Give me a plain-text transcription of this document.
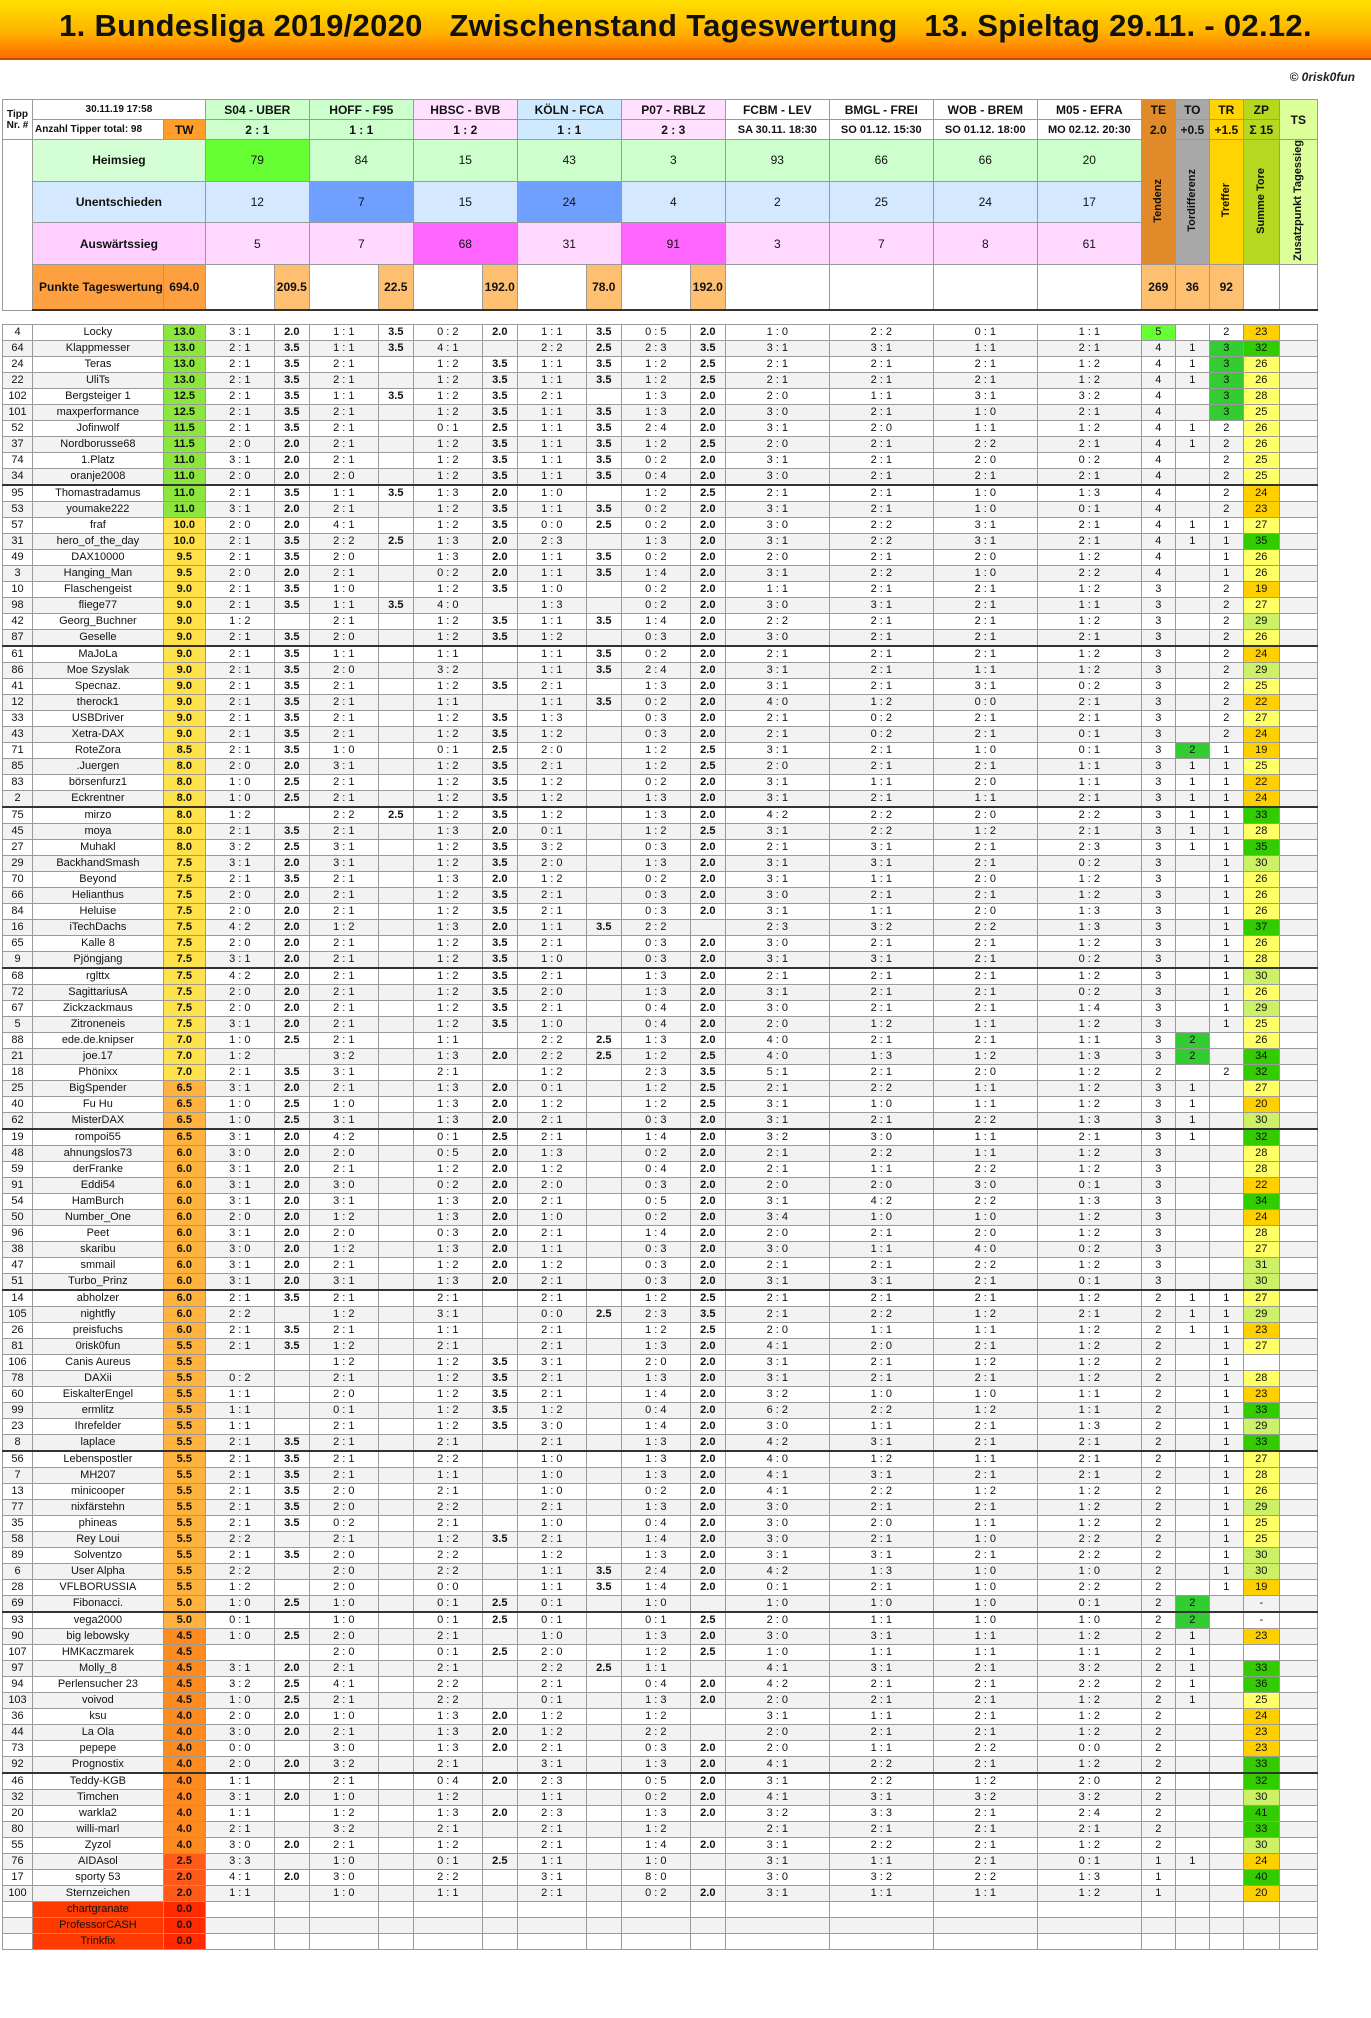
1. Bundesliga 2019/2020   Zwischenstand Tageswertung   13. Spieltag 29.11. - 02.12.
© 0risk0fun
Tipp
Nr. #	30.11.19 17:58		S04 - UBER		HOFF - F95		HBSC - BVB		KÖLN - FCA		P07 - RBLZ		FCBM - LEV	BMGL - FREI	WOB - BREM	M05 - EFRA	TE	TO	TR	ZP	TS
	Anzahl Tipper total: 98	TW	2 : 1		1 : 1		1 : 2		1 : 1		2 : 3		SA 30.11. 18:30	SO 01.12. 15:30	SO 01.12. 18:00	MO 02.12. 20:30	2.0	+0.5	+1.5	Σ 15	
	Heimsieg		79		84		15		43		3		93	66	66	20	Tendenz	Tordifferenz	Treffer	Summe Tore	Zusatzpunkt Tagessieg
	Unentschieden		12		7		15		24		4		2	25	24	17					
	Auswärtssieg		5		7		68		31		91		3	7	8	61					
	Punkte Tageswertung	694.0		209.5		22.5		192.0		78.0		192.0					269	36	92		

4	Locky	13.0	3 : 1	2.0	1 : 1	3.5	0 : 2	2.0	1 : 1	3.5	0 : 5	2.0	1 : 0	2 : 2	0 : 1	1 : 1	5		2	23	
64	Klappmesser	13.0	2 : 1	3.5	1 : 1	3.5	4 : 1		2 : 2	2.5	2 : 3	3.5	3 : 1	3 : 1	1 : 1	2 : 1	4	1	3	32	
24	Teras	13.0	2 : 1	3.5	2 : 1		1 : 2	3.5	1 : 1	3.5	1 : 2	2.5	2 : 1	2 : 1	2 : 1	1 : 2	4	1	3	26	
22	UliTs	13.0	2 : 1	3.5	2 : 1		1 : 2	3.5	1 : 1	3.5	1 : 2	2.5	2 : 1	2 : 1	2 : 1	1 : 2	4	1	3	26	
102	Bergsteiger 1	12.5	2 : 1	3.5	1 : 1	3.5	1 : 2	3.5	2 : 1		1 : 3	2.0	2 : 0	1 : 1	3 : 1	3 : 2	4		3	28	
101	maxperformance	12.5	2 : 1	3.5	2 : 1		1 : 2	3.5	1 : 1	3.5	1 : 3	2.0	3 : 0	2 : 1	1 : 0	2 : 1	4		3	25	
52	Jofinwolf	11.5	2 : 1	3.5	2 : 1		0 : 1	2.5	1 : 1	3.5	2 : 4	2.0	3 : 1	2 : 0	1 : 1	1 : 2	4	1	2	26	
37	Nordborusse68	11.5	2 : 0	2.0	2 : 1		1 : 2	3.5	1 : 1	3.5	1 : 2	2.5	2 : 0	2 : 1	2 : 2	2 : 1	4	1	2	26	
74	1.Platz	11.0	3 : 1	2.0	2 : 1		1 : 2	3.5	1 : 1	3.5	0 : 2	2.0	3 : 1	2 : 1	2 : 0	0 : 2	4		2	25	
34	oranje2008	11.0	2 : 0	2.0	2 : 0		1 : 2	3.5	1 : 1	3.5	0 : 4	2.0	3 : 0	2 : 1	2 : 1	2 : 1	4		2	25	
95	Thomastradamus	11.0	2 : 1	3.5	1 : 1	3.5	1 : 3	2.0	1 : 0		1 : 2	2.5	2 : 1	2 : 1	1 : 0	1 : 3	4		2	24	
53	youmake222	11.0	3 : 1	2.0	2 : 1		1 : 2	3.5	1 : 1	3.5	0 : 2	2.0	3 : 1	2 : 1	1 : 0	0 : 1	4		2	23	
57	fraf	10.0	2 : 0	2.0	4 : 1		1 : 2	3.5	0 : 0	2.5	0 : 2	2.0	3 : 0	2 : 2	3 : 1	2 : 1	4	1	1	27	
31	hero_of_the_day	10.0	2 : 1	3.5	2 : 2	2.5	1 : 3	2.0	2 : 3		1 : 3	2.0	3 : 1	2 : 2	3 : 1	2 : 1	4	1	1	35	
49	DAX10000	9.5	2 : 1	3.5	2 : 0		1 : 3	2.0	1 : 1	3.5	0 : 2	2.0	2 : 0	2 : 1	2 : 0	1 : 2	4		1	26	
3	Hanging_Man	9.5	2 : 0	2.0	2 : 1		0 : 2	2.0	1 : 1	3.5	1 : 4	2.0	3 : 1	2 : 2	1 : 0	2 : 2	4		1	26	
10	Flaschengeist	9.0	2 : 1	3.5	1 : 0		1 : 2	3.5	1 : 0		0 : 2	2.0	1 : 1	2 : 1	2 : 1	1 : 2	3		2	19	
98	fliege77	9.0	2 : 1	3.5	1 : 1	3.5	4 : 0		1 : 3		0 : 2	2.0	3 : 0	3 : 1	2 : 1	1 : 1	3		2	27	
42	Georg_Buchner	9.0	1 : 2		2 : 1		1 : 2	3.5	1 : 1	3.5	1 : 4	2.0	2 : 2	2 : 1	2 : 1	1 : 2	3		2	29	
87	Geselle	9.0	2 : 1	3.5	2 : 0		1 : 2	3.5	1 : 2		0 : 3	2.0	3 : 0	2 : 1	2 : 1	2 : 1	3		2	26	
61	MaJoLa	9.0	2 : 1	3.5	1 : 1		1 : 1		1 : 1	3.5	0 : 2	2.0	2 : 1	2 : 1	2 : 1	1 : 2	3		2	24	
86	Moe Szyslak	9.0	2 : 1	3.5	2 : 0		3 : 2		1 : 1	3.5	2 : 4	2.0	3 : 1	2 : 1	1 : 1	1 : 2	3		2	29	
41	Specnaz.	9.0	2 : 1	3.5	2 : 1		1 : 2	3.5	2 : 1		1 : 3	2.0	3 : 1	2 : 1	3 : 1	0 : 2	3		2	25	
12	therock1	9.0	2 : 1	3.5	2 : 1		1 : 1		1 : 1	3.5	0 : 2	2.0	4 : 0	1 : 2	0 : 0	2 : 1	3		2	22	
33	USBDriver	9.0	2 : 1	3.5	2 : 1		1 : 2	3.5	1 : 3		0 : 3	2.0	2 : 1	0 : 2	2 : 1	2 : 1	3		2	27	
43	Xetra-DAX	9.0	2 : 1	3.5	2 : 1		1 : 2	3.5	1 : 2		0 : 3	2.0	2 : 1	0 : 2	2 : 1	0 : 1	3		2	24	
71	RoteZora	8.5	2 : 1	3.5	1 : 0		0 : 1	2.5	2 : 0		1 : 2	2.5	3 : 1	2 : 1	1 : 0	0 : 1	3	2	1	19	
85	.Juergen	8.0	2 : 0	2.0	3 : 1		1 : 2	3.5	2 : 1		1 : 2	2.5	2 : 0	2 : 1	2 : 1	1 : 1	3	1	1	25	
83	börsenfurz1	8.0	1 : 0	2.5	2 : 1		1 : 2	3.5	1 : 2		0 : 2	2.0	3 : 1	1 : 1	2 : 0	1 : 1	3	1	1	22	
2	Eckrentner	8.0	1 : 0	2.5	2 : 1		1 : 2	3.5	1 : 2		1 : 3	2.0	3 : 1	2 : 1	1 : 1	2 : 1	3	1	1	24	
75	mirzo	8.0	1 : 2		2 : 2	2.5	1 : 2	3.5	1 : 2		1 : 3	2.0	4 : 2	2 : 2	2 : 0	2 : 2	3	1	1	33	
45	moya	8.0	2 : 1	3.5	2 : 1		1 : 3	2.0	0 : 1		1 : 2	2.5	3 : 1	2 : 2	1 : 2	2 : 1	3	1	1	28	
27	Muhakl	8.0	3 : 2	2.5	3 : 1		1 : 2	3.5	3 : 2		0 : 3	2.0	2 : 1	3 : 1	2 : 1	2 : 3	3	1	1	35	
29	BackhandSmash	7.5	3 : 1	2.0	3 : 1		1 : 2	3.5	2 : 0		1 : 3	2.0	3 : 1	3 : 1	2 : 1	0 : 2	3		1	30	
70	Beyond	7.5	2 : 1	3.5	2 : 1		1 : 3	2.0	1 : 2		0 : 2	2.0	3 : 1	1 : 1	2 : 0	1 : 2	3		1	26	
66	Helianthus	7.5	2 : 0	2.0	2 : 1		1 : 2	3.5	2 : 1		0 : 3	2.0	3 : 0	2 : 1	2 : 1	1 : 2	3		1	26	
84	Heluise	7.5	2 : 0	2.0	2 : 1		1 : 2	3.5	2 : 1		0 : 3	2.0	3 : 1	1 : 1	2 : 0	1 : 3	3		1	26	
16	iTechDachs	7.5	4 : 2	2.0	1 : 2		1 : 3	2.0	1 : 1	3.5	2 : 2		2 : 3	3 : 2	2 : 2	1 : 3	3		1	37	
65	Kalle 8	7.5	2 : 0	2.0	2 : 1		1 : 2	3.5	2 : 1		0 : 3	2.0	3 : 0	2 : 1	2 : 1	1 : 2	3		1	26	
9	Pjöngjang	7.5	3 : 1	2.0	2 : 1		1 : 2	3.5	1 : 0		0 : 3	2.0	3 : 1	3 : 1	2 : 1	0 : 2	3		1	28	
68	rglttx	7.5	4 : 2	2.0	2 : 1		1 : 2	3.5	2 : 1		1 : 3	2.0	2 : 1	2 : 1	2 : 1	1 : 2	3		1	30	
72	SagittariusA	7.5	2 : 0	2.0	2 : 1		1 : 2	3.5	2 : 0		1 : 3	2.0	3 : 1	2 : 1	2 : 1	0 : 2	3		1	26	
67	Zickzackmaus	7.5	2 : 0	2.0	2 : 1		1 : 2	3.5	2 : 1		0 : 4	2.0	3 : 0	2 : 1	2 : 1	1 : 4	3		1	29	
5	Zitroneneis	7.5	3 : 1	2.0	2 : 1		1 : 2	3.5	1 : 0		0 : 4	2.0	2 : 0	1 : 2	1 : 1	1 : 2	3		1	25	
88	ede.de.knipser	7.0	1 : 0	2.5	2 : 1		1 : 1		2 : 2	2.5	1 : 3	2.0	4 : 0	2 : 1	2 : 1	1 : 1	3	2		26	
21	joe.17	7.0	1 : 2		3 : 2		1 : 3	2.0	2 : 2	2.5	1 : 2	2.5	4 : 0	1 : 3	1 : 2	1 : 3	3	2		34	
18	Phönixx	7.0	2 : 1	3.5	3 : 1		2 : 1		1 : 2		2 : 3	3.5	5 : 1	2 : 1	2 : 0	1 : 2	2		2	32	
25	BigSpender	6.5	3 : 1	2.0	2 : 1		1 : 3	2.0	0 : 1		1 : 2	2.5	2 : 1	2 : 2	1 : 1	1 : 2	3	1		27	
40	Fu Hu	6.5	1 : 0	2.5	1 : 0		1 : 3	2.0	1 : 2		1 : 2	2.5	3 : 1	1 : 0	1 : 1	1 : 2	3	1		20	
62	MisterDAX	6.5	1 : 0	2.5	3 : 1		1 : 3	2.0	2 : 1		0 : 3	2.0	3 : 1	2 : 1	2 : 2	1 : 3	3	1		30	
19	rompoi55	6.5	3 : 1	2.0	4 : 2		0 : 1	2.5	2 : 1		1 : 4	2.0	3 : 2	3 : 0	1 : 1	2 : 1	3	1		32	
48	ahnungslos73	6.0	3 : 0	2.0	2 : 0		0 : 5	2.0	1 : 3		0 : 2	2.0	2 : 1	2 : 2	1 : 1	1 : 2	3			28	
59	derFranke	6.0	3 : 1	2.0	2 : 1		1 : 2	2.0	1 : 2		0 : 4	2.0	2 : 1	1 : 1	2 : 2	1 : 2	3			28	
91	Eddi54	6.0	3 : 1	2.0	3 : 0		0 : 2	2.0	2 : 0		0 : 3	2.0	2 : 0	2 : 0	3 : 0	0 : 1	3			22	
54	HamBurch	6.0	3 : 1	2.0	3 : 1		1 : 3	2.0	2 : 1		0 : 5	2.0	3 : 1	4 : 2	2 : 2	1 : 3	3			34	
50	Number_One	6.0	2 : 0	2.0	1 : 2		1 : 3	2.0	1 : 0		0 : 2	2.0	3 : 4	1 : 0	1 : 0	1 : 2	3			24	
96	Peet	6.0	3 : 1	2.0	2 : 0		0 : 3	2.0	2 : 1		1 : 4	2.0	2 : 0	2 : 1	2 : 0	1 : 2	3			28	
38	skaribu	6.0	3 : 0	2.0	1 : 2		1 : 3	2.0	1 : 1		0 : 3	2.0	3 : 0	1 : 1	4 : 0	0 : 2	3			27	
47	smmail	6.0	3 : 1	2.0	2 : 1		1 : 2	2.0	1 : 2		0 : 3	2.0	2 : 1	2 : 1	2 : 2	1 : 2	3			31	
51	Turbo_Prinz	6.0	3 : 1	2.0	3 : 1		1 : 3	2.0	2 : 1		0 : 3	2.0	3 : 1	3 : 1	2 : 1	0 : 1	3			30	
14	abholzer	6.0	2 : 1	3.5	2 : 1		2 : 1		2 : 1		1 : 2	2.5	2 : 1	2 : 1	2 : 1	1 : 2	2	1	1	27	
105	nightfly	6.0	2 : 2		1 : 2		3 : 1		0 : 0	2.5	2 : 3	3.5	2 : 1	2 : 2	1 : 2	2 : 1	2	1	1	29	
26	preisfuchs	6.0	2 : 1	3.5	2 : 1		1 : 1		2 : 1		1 : 2	2.5	2 : 0	1 : 1	1 : 1	1 : 2	2	1	1	23	
81	0risk0fun	5.5	2 : 1	3.5	1 : 2		2 : 1		2 : 1		1 : 3	2.0	4 : 1	2 : 0	2 : 1	1 : 2	2		1	27	
106	Canis Aureus	5.5			1 : 2		1 : 2	3.5	3 : 1		2 : 0	2.0	3 : 1	2 : 1	1 : 2	1 : 2	2		1		
78	DAXii	5.5	0 : 2		2 : 1		1 : 2	3.5	2 : 1		1 : 3	2.0	3 : 1	2 : 1	2 : 1	1 : 2	2		1	28	
60	EiskalterEngel	5.5	1 : 1		2 : 0		1 : 2	3.5	2 : 1		1 : 4	2.0	3 : 2	1 : 0	1 : 0	1 : 1	2		1	23	
99	ermlitz	5.5	1 : 1		0 : 1		1 : 2	3.5	1 : 2		0 : 4	2.0	6 : 2	2 : 2	1 : 2	1 : 1	2		1	33	
23	Ihrefelder	5.5	1 : 1		2 : 1		1 : 2	3.5	3 : 0		1 : 4	2.0	3 : 0	1 : 1	2 : 1	1 : 3	2		1	29	
8	laplace	5.5	2 : 1	3.5	2 : 1		2 : 1		2 : 1		1 : 3	2.0	4 : 2	3 : 1	2 : 1	2 : 1	2		1	33	
56	Lebenspostler	5.5	2 : 1	3.5	2 : 1		2 : 2		1 : 0		1 : 3	2.0	4 : 0	1 : 2	1 : 1	2 : 1	2		1	27	
7	MH207	5.5	2 : 1	3.5	2 : 1		1 : 1		1 : 0		1 : 3	2.0	4 : 1	3 : 1	2 : 1	2 : 1	2		1	28	
13	minicooper	5.5	2 : 1	3.5	2 : 0		2 : 1		1 : 0		0 : 2	2.0	4 : 1	2 : 2	1 : 2	1 : 2	2		1	26	
77	nixfärstehn	5.5	2 : 1	3.5	2 : 0		2 : 2		2 : 1		1 : 3	2.0	3 : 0	2 : 1	2 : 1	1 : 2	2		1	29	
35	phineas	5.5	2 : 1	3.5	0 : 2		2 : 1		1 : 0		0 : 4	2.0	3 : 0	2 : 0	1 : 1	1 : 2	2		1	25	
58	Rey Loui	5.5	2 : 2		2 : 1		1 : 2	3.5	2 : 1		1 : 4	2.0	3 : 0	2 : 1	1 : 0	2 : 2	2		1	25	
89	Solventzo	5.5	2 : 1	3.5	2 : 0		2 : 2		1 : 2		1 : 3	2.0	3 : 1	3 : 1	2 : 1	2 : 2	2		1	30	
6	User Alpha	5.5	2 : 2		2 : 0		2 : 2		1 : 1	3.5	2 : 4	2.0	4 : 2	1 : 3	1 : 0	1 : 0	2		1	30	
28	VFLBORUSSIA	5.5	1 : 2		2 : 0		0 : 0		1 : 1	3.5	1 : 4	2.0	0 : 1	2 : 1	1 : 0	2 : 2	2		1	19	
69	Fibonacci.	5.0	1 : 0	2.5	1 : 0		0 : 1	2.5	0 : 1		1 : 0		1 : 0	1 : 0	1 : 0	0 : 1	2	2		-	
93	vega2000	5.0	0 : 1		1 : 0		0 : 1	2.5	0 : 1		0 : 1	2.5	2 : 0	1 : 1	1 : 0	1 : 0	2	2		-	
90	big lebowsky	4.5	1 : 0	2.5	2 : 0		2 : 1		1 : 0		1 : 3	2.0	3 : 0	3 : 1	1 : 1	1 : 2	2	1		23	
107	HMKaczmarek	4.5			2 : 0		0 : 1	2.5	2 : 0		1 : 2	2.5	1 : 0	1 : 1	1 : 1	1 : 1	2	1			
97	Molly_8	4.5	3 : 1	2.0	2 : 1		2 : 1		2 : 2	2.5	1 : 1		4 : 1	3 : 1	2 : 1	3 : 2	2	1		33	
94	Perlensucher 23	4.5	3 : 2	2.5	4 : 1		2 : 2		2 : 1		0 : 4	2.0	4 : 2	2 : 1	2 : 1	2 : 2	2	1		36	
103	voivod	4.5	1 : 0	2.5	2 : 1		2 : 2		0 : 1		1 : 3	2.0	2 : 0	2 : 1	2 : 1	1 : 2	2	1		25	
36	ksu	4.0	2 : 0	2.0	1 : 0		1 : 3	2.0	1 : 2		1 : 2		3 : 1	1 : 1	2 : 1	1 : 2	2			24	
44	La Ola	4.0	3 : 0	2.0	2 : 1		1 : 3	2.0	1 : 2		2 : 2		2 : 0	2 : 1	2 : 1	1 : 2	2			23	
73	pepepe	4.0	0 : 0		3 : 0		1 : 3	2.0	2 : 1		0 : 3	2.0	2 : 0	1 : 1	2 : 2	0 : 0	2			23	
92	Prognostix	4.0	2 : 0	2.0	3 : 2		2 : 1		3 : 1		1 : 3	2.0	4 : 1	2 : 2	2 : 1	1 : 2	2			33	
46	Teddy-KGB	4.0	1 : 1		2 : 1		0 : 4	2.0	2 : 3		0 : 5	2.0	3 : 1	2 : 2	1 : 2	2 : 0	2			32	
32	Timchen	4.0	3 : 1	2.0	1 : 0		1 : 2		1 : 1		0 : 2	2.0	4 : 1	3 : 1	3 : 2	3 : 2	2			30	
20	warkla2	4.0	1 : 1		1 : 2		1 : 3	2.0	2 : 3		1 : 3	2.0	3 : 2	3 : 3	2 : 1	2 : 4	2			41	
80	willi-marl	4.0	2 : 1		3 : 2		2 : 1		2 : 1		1 : 2		2 : 1	2 : 1	2 : 1	2 : 1	2			33	
55	Zyzol	4.0	3 : 0	2.0	2 : 1		1 : 2		2 : 1		1 : 4	2.0	3 : 1	2 : 2	2 : 1	1 : 2	2			30	
76	AIDAsol	2.5	3 : 3		1 : 0		0 : 1	2.5	1 : 1		1 : 0		3 : 1	1 : 1	2 : 1	0 : 1	1	1		24	
17	sporty 53	2.0	4 : 1	2.0	3 : 0		2 : 2		3 : 1		8 : 0		3 : 0	3 : 2	2 : 2	1 : 3	1			40	
100	Sternzeichen	2.0	1 : 1		1 : 0		1 : 1		2 : 1		0 : 2	2.0	3 : 1	1 : 1	1 : 1	1 : 2	1			20	
	chartgranate	0.0																			
	ProfessorCASH	0.0																			
	Trinkfix	0.0																			
